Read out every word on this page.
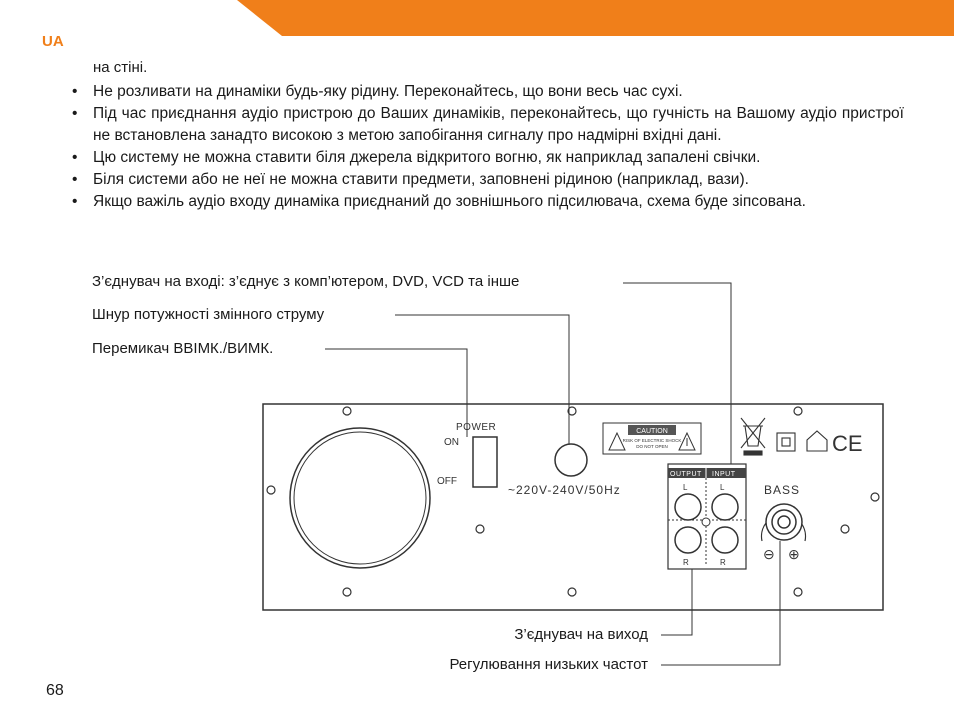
UA
на стіні.
• Не розливати на динаміки будь-яку рідину. Переконайтесь, що вони весь час сухі.
• Під час приєднання аудіо пристрою до Ваших динаміків, переконайтесь, що гучність на Вашому аудіо пристрої не встановлена занадто високою з метою запобігання сигналу про надмірні вхідні дані.
• Цю систему не можна ставити біля джерела відкритого вогню, як наприклад запалені свічки.
• Біля системи або не неї не можна ставити предмети, заповнені рідиною (наприклад, вази).
• Якщо важіль аудіо входу динаміка приєднаний до зовнішнього підсилювача, схема буде зіпсована.
POWER
ON
OFF
~220V-240V/50Hz
CAUTION
RISK OF ELECTRIC SHOCK
DO NOT OPEN	CE
OUTPUT INPUT
L	L
R	R
BASS
⊖ ⊕
З’єднувач на вході: з’єднує з комп’ютером, DVD, VCD та інше
Шнур потужності змінного струму
Перемикач ВВІМК./ВИМК.
З’єднувач на виход
Регулювання низьких частот
68
